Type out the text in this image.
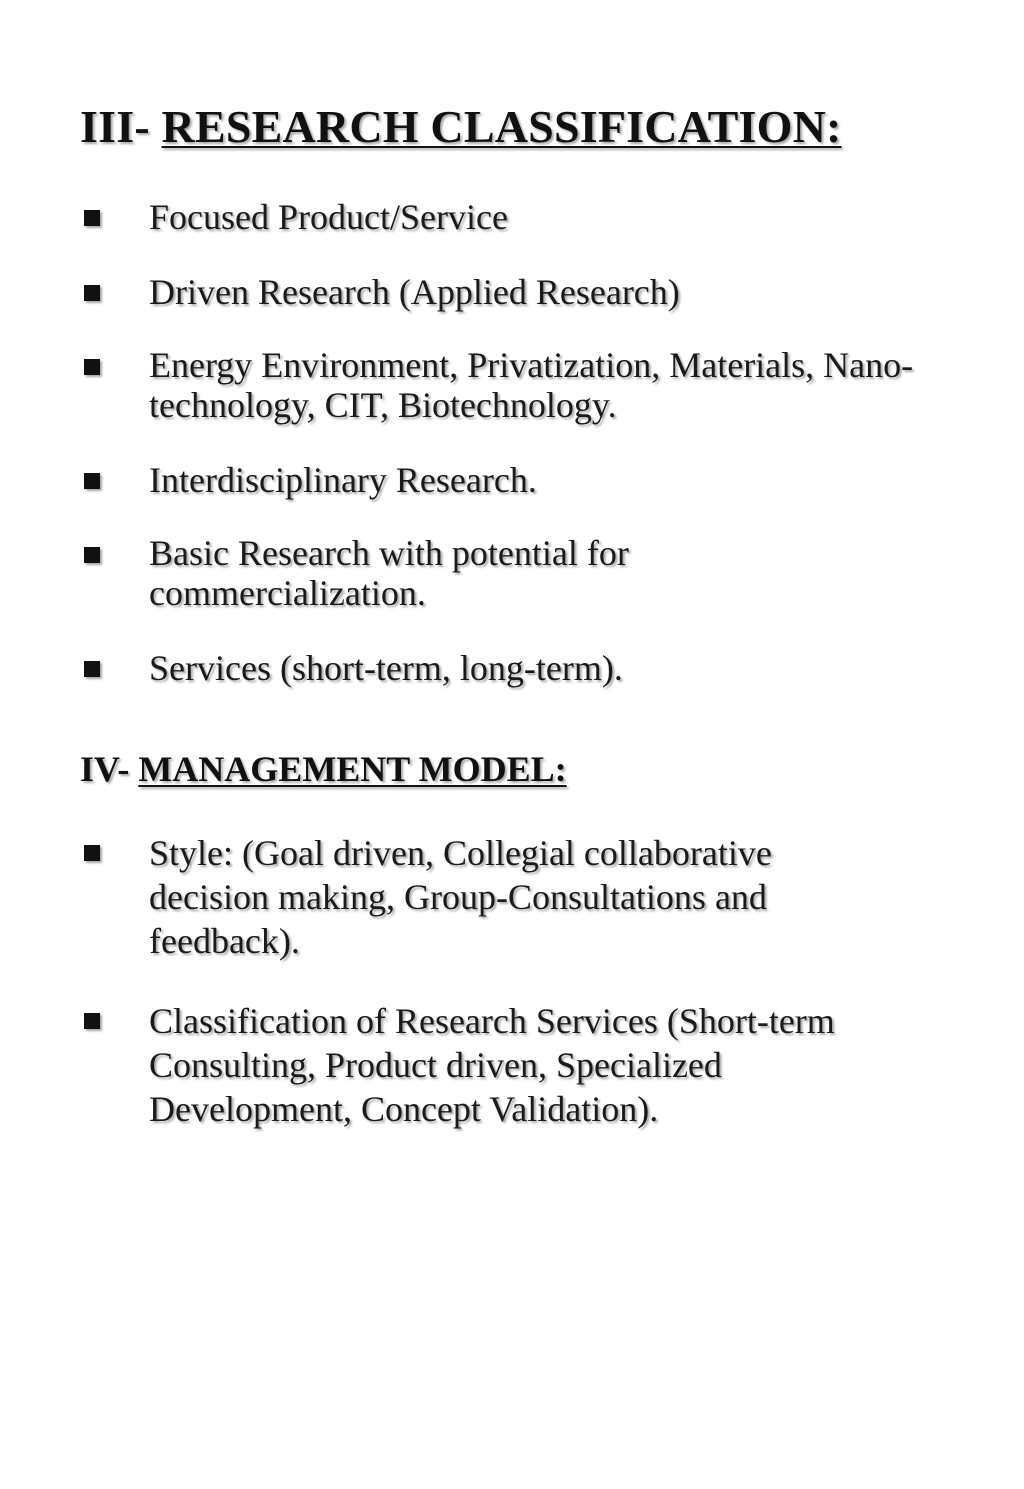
III- RESEARCH CLASSIFICATION:
Focused Product/Service
Driven Research (Applied Research)
Energy Environment, Privatization, Materials, Nano-technology, CIT, Biotechnology.
Interdisciplinary Research.
Basic Research with potential for commercialization.
Services (short-term, long-term).
IV- MANAGEMENT MODEL:
Style: (Goal driven, Collegial collaborative decision making, Group-Consultations and feedback).
Classification of Research Services (Short-term Consulting, Product driven, Specialized Development, Concept Validation).
